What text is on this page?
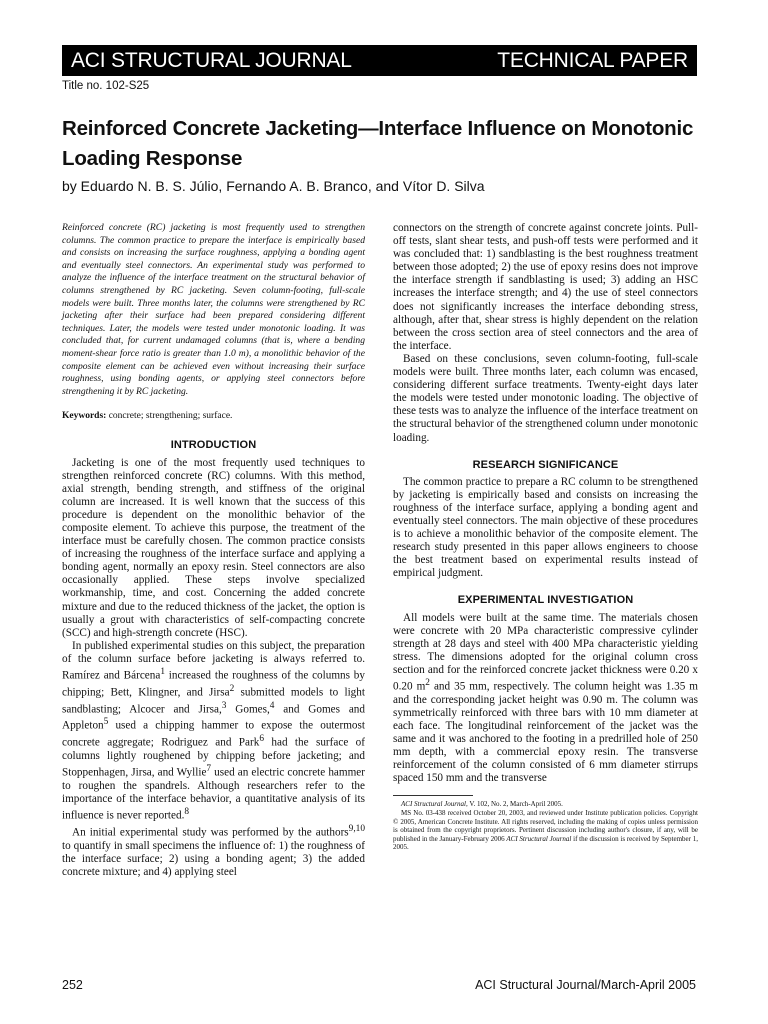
ACI STRUCTURAL JOURNAL	TECHNICAL PAPER
Title no. 102-S25
Reinforced Concrete Jacketing—Interface Influence on Monotonic Loading Response
by Eduardo N. B. S. Júlio, Fernando A. B. Branco, and Vítor D. Silva

Reinforced concrete (RC) jacketing is most frequently used to strengthen columns. The common practice to prepare the interface is empirically based and consists on increasing the surface roughness, applying a bonding agent and eventually steel connectors. An experimental study was performed to analyze the influence of the interface treatment on the structural behavior of columns strengthened by RC jacketing. Seven column-footing, full-scale models were built. Three months later, the columns were strengthened by RC jacketing after their surface had been prepared considering different techniques. Later, the models were tested under monotonic loading. It was concluded that, for current undamaged columns (that is, where a bending moment-shear force ratio is greater than 1.0 m), a monolithic behavior of the composite element can be achieved even without increasing their surface roughness, using bonding agents, or applying steel connectors before strengthening it by RC jacketing.

Keywords: concrete; strengthening; surface.

INTRODUCTION

Jacketing is one of the most frequently used techniques to strengthen reinforced concrete (RC) columns. With this method, axial strength, bending strength, and stiffness of the original column are increased. It is well known that the success of this procedure is dependent on the monolithic behavior of the composite element. To achieve this purpose, the treatment of the interface must be carefully chosen. The common practice consists of increasing the roughness of the interface surface and applying a bonding agent, normally an epoxy resin. Steel connectors are also occasionally applied. These steps involve specialized workmanship, time, and cost. Concerning the added concrete mixture and due to the reduced thickness of the jacket, the option is usually a grout with characteristics of self-compacting concrete (SCC) and high-strength concrete (HSC).

In published experimental studies on this subject, the preparation of the column surface before jacketing is always referred to. Ramírez and Bárcena$^1$ increased the roughness of the columns by chipping; Bett, Klingner, and Jirsa$^2$ submitted models to light sandblasting; Alcocer and Jirsa,$^3$ Gomes,$^4$ and Gomes and Appleton$^5$ used a chipping hammer to expose the outermost concrete aggregate; Rodriguez and Park$^6$ had the surface of columns lightly roughened by chipping before jacketing; and Stoppenhagen, Jirsa, and Wyllie$^7$ used an electric concrete hammer to roughen the spandrels. Although researchers refer to the importance of the interface behavior, a quantitative analysis of its influence is never reported.$^8$

An initial experimental study was performed by the authors$^{9,10}$ to quantify in small specimens the influence of: 1) the roughness of the interface surface; 2) using a bonding agent; 3) the added concrete mixture; and 4) applying steel

connectors on the strength of concrete against concrete joints. Pull-off tests, slant shear tests, and push-off tests were performed and it was concluded that: 1) sandblasting is the best roughness treatment between those adopted; 2) the use of epoxy resins does not improve the interface strength if sandblasting is used; 3) adding an HSC increases the interface strength; and 4) the use of steel connectors does not significantly increases the interface debonding stress, although, after that, shear stress is highly dependent on the relation between the cross section area of steel connectors and the area of the interface.

Based on these conclusions, seven column-footing, full-scale models were built. Three months later, each column was encased, considering different surface treatments. Twenty-eight days later the models were tested under monotonic loading. The objective of these tests was to analyze the influence of the interface treatment on the structural behavior of the strengthened column under monotonic loading.

RESEARCH SIGNIFICANCE

The common practice to prepare a RC column to be strengthened by jacketing is empirically based and consists on increasing the roughness of the interface surface, applying a bonding agent and eventually steel connectors. The main objective of these procedures is to achieve a monolithic behavior of the composite element. The research study presented in this paper allows engineers to choose the best treatment based on experimental results instead of empirical judgment.

EXPERIMENTAL INVESTIGATION

All models were built at the same time. The materials chosen were concrete with 20 MPa characteristic compressive cylinder strength at 28 days and steel with 400 MPa characteristic yielding stress. The dimensions adopted for the original column cross section and for the reinforced concrete jacket thickness were 0.20 x 0.20 $m^2$ and 35 mm, respectively. The column height was 1.35 m and the corresponding jacket height was 0.90 m. The column was symmetrically reinforced with three bars with 10 mm diameter at each face. The longitudinal reinforcement of the jacket was the same and it was anchored to the footing in a predrilled hole of 250 mm depth, with a commercial epoxy resin. The transverse reinforcement of the column consisted of 6 mm diameter stirrups spaced 150 mm and the transverse

ACI Structural Journal, V. 102, No. 2, March-April 2005.
MS No. 03-438 received October 20, 2003, and reviewed under Institute publication policies. Copyright © 2005, American Concrete Institute. All rights reserved, including the making of copies unless permission is obtained from the copyright proprietors. Pertinent discussion including author's closure, if any, will be published in the January-February 2006 ACI Structural Journal if the discussion is received by September 1, 2005.
252	ACI Structural Journal/March-April 2005
